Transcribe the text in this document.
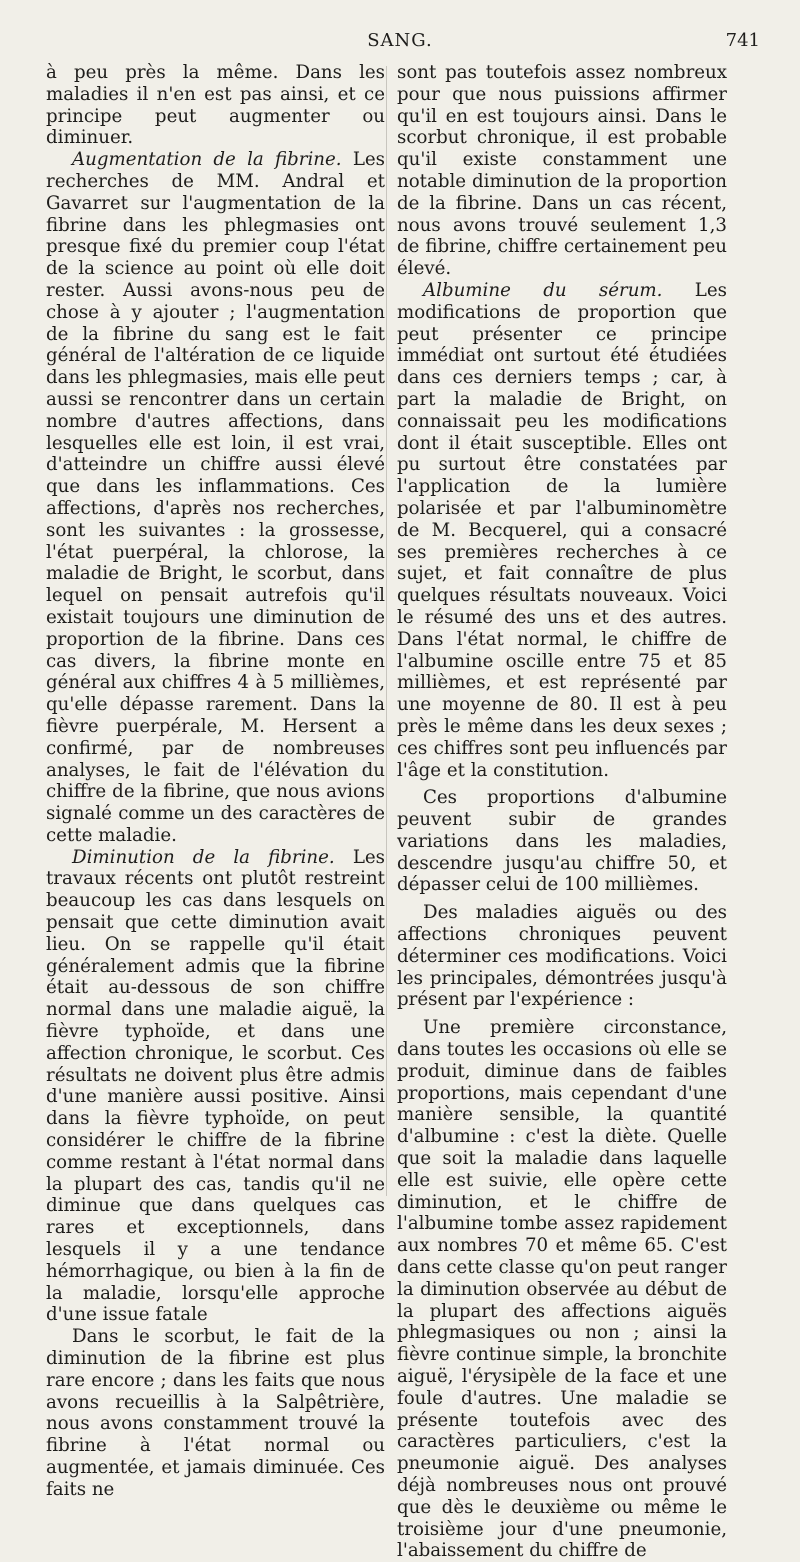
SANG.	741

à peu près la même. Dans les maladies il n'en est pas ainsi, et ce principe peut augmenter ou diminuer.

Augmentation de la fibrine. Les recherches de MM. Andral et Gavarret sur l'augmentation de la fibrine dans les phlegmasies ont presque fixé du premier coup l'état de la science au point où elle doit rester. Aussi avons-nous peu de chose à y ajouter ; l'augmentation de la fibrine du sang est le fait général de l'altération de ce liquide dans les phlegmasies, mais elle peut aussi se rencontrer dans un certain nombre d'autres affections, dans lesquelles elle est loin, il est vrai, d'atteindre un chiffre aussi élevé que dans les inflammations. Ces affections, d'après nos recherches, sont les suivantes : la grossesse, l'état puerpéral, la chlorose, la maladie de Bright, le scorbut, dans lequel on pensait autrefois qu'il existait toujours une diminution de proportion de la fibrine. Dans ces cas divers, la fibrine monte en général aux chiffres 4 à 5 millièmes, qu'elle dépasse rarement. Dans la fièvre puerpérale, M. Hersent a confirmé, par de nombreuses analyses, le fait de l'élévation du chiffre de la fibrine, que nous avions signalé comme un des caractères de cette maladie.

Diminution de la fibrine. Les travaux récents ont plutôt restreint beaucoup les cas dans lesquels on pensait que cette diminution avait lieu. On se rappelle qu'il était généralement admis que la fibrine était au-dessous de son chiffre normal dans une maladie aiguë, la fièvre typhoïde, et dans une affection chronique, le scorbut. Ces résultats ne doivent plus être admis d'une manière aussi positive. Ainsi dans la fièvre typhoïde, on peut considérer le chiffre de la fibrine comme restant à l'état normal dans la plupart des cas, tandis qu'il ne diminue que dans quelques cas rares et exceptionnels, dans lesquels il y a une tendance hémorrhagique, ou bien à la fin de la maladie, lorsqu'elle approche d'une issue fatale

Dans le scorbut, le fait de la diminution de la fibrine est plus rare encore ; dans les faits que nous avons recueillis à la Salpêtrière, nous avons constamment trouvé la fibrine à l'état normal ou augmentée, et jamais diminuée. Ces faits ne

sont pas toutefois assez nombreux pour que nous puissions affirmer qu'il en est toujours ainsi. Dans le scorbut chronique, il est probable qu'il existe constamment une notable diminution de la proportion de la fibrine. Dans un cas récent, nous avons trouvé seulement 1,3 de fibrine, chiffre certainement peu élevé.

Albumine du sérum. Les modifications de proportion que peut présenter ce principe immédiat ont surtout été étudiées dans ces derniers temps ; car, à part la maladie de Bright, on connaissait peu les modifications dont il était susceptible. Elles ont pu surtout être constatées par l'application de la lumière polarisée et par l'albuminomètre de M. Becquerel, qui a consacré ses premières recherches à ce sujet, et fait connaître de plus quelques résultats nouveaux. Voici le résumé des uns et des autres. Dans l'état normal, le chiffre de l'albumine oscille entre 75 et 85 millièmes, et est représenté par une moyenne de 80. Il est à peu près le même dans les deux sexes ; ces chiffres sont peu influencés par l'âge et la constitution.

Ces proportions d'albumine peuvent subir de grandes variations dans les maladies, descendre jusqu'au chiffre 50, et dépasser celui de 100 millièmes.

Des maladies aiguës ou des affections chroniques peuvent déterminer ces modifications. Voici les principales, démontrées jusqu'à présent par l'expérience :

Une première circonstance, dans toutes les occasions où elle se produit, diminue dans de faibles proportions, mais cependant d'une manière sensible, la quantité d'albumine : c'est la diète. Quelle que soit la maladie dans laquelle elle est suivie, elle opère cette diminution, et le chiffre de l'albumine tombe assez rapidement aux nombres 70 et même 65. C'est dans cette classe qu'on peut ranger la diminution observée au début de la plupart des affections aiguës phlegmasiques ou non ; ainsi la fièvre continue simple, la bronchite aiguë, l'érysipèle de la face et une foule d'autres. Une maladie se présente toutefois avec des caractères particuliers, c'est la pneumonie aiguë. Des analyses déjà nombreuses nous ont prouvé que dès le deuxième ou même le troisième jour d'une pneumonie, l'abaissement du chiffre de
